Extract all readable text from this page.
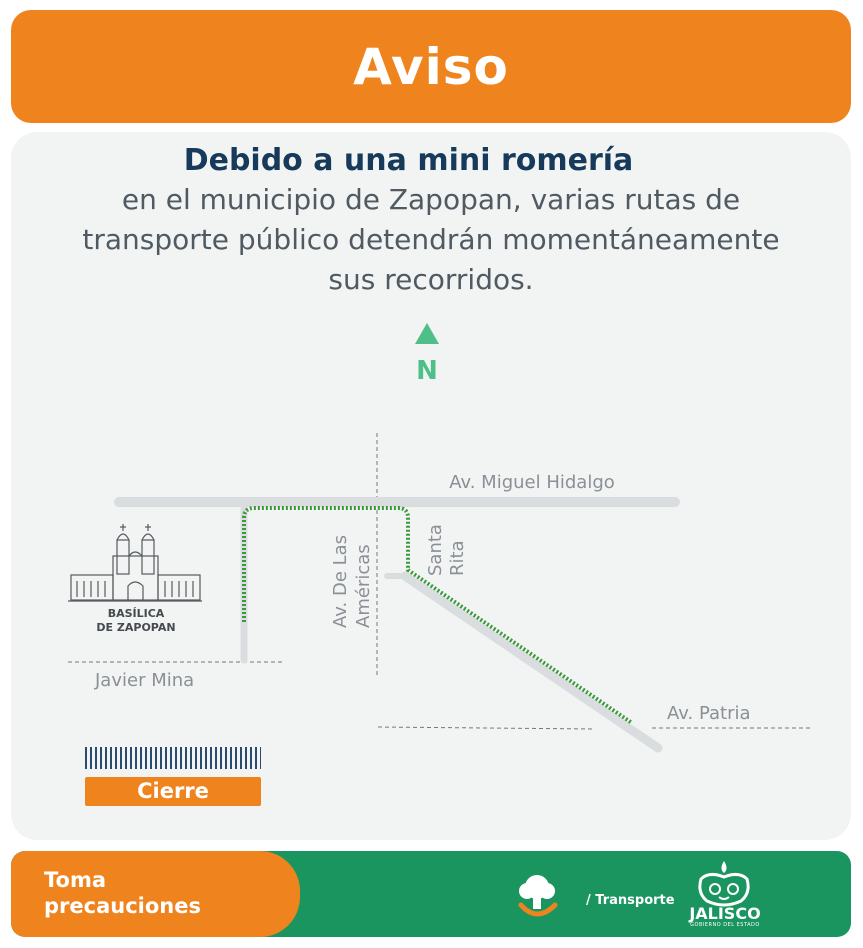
Aviso
Debido a una mini romería
en el municipio de Zapopan, varias rutas de
transporte público detendrán momentáneamente
sus recorridos.
N
Av. Miguel Hidalgo
Av. De Las Américas	Santa Rita
Javier Mina
Av. Patria
BASÍLICA
DE ZAPOPAN
Cierre
Toma
precauciones	/ Transporte
JALISCO
GOBIERNO DEL ESTADO
